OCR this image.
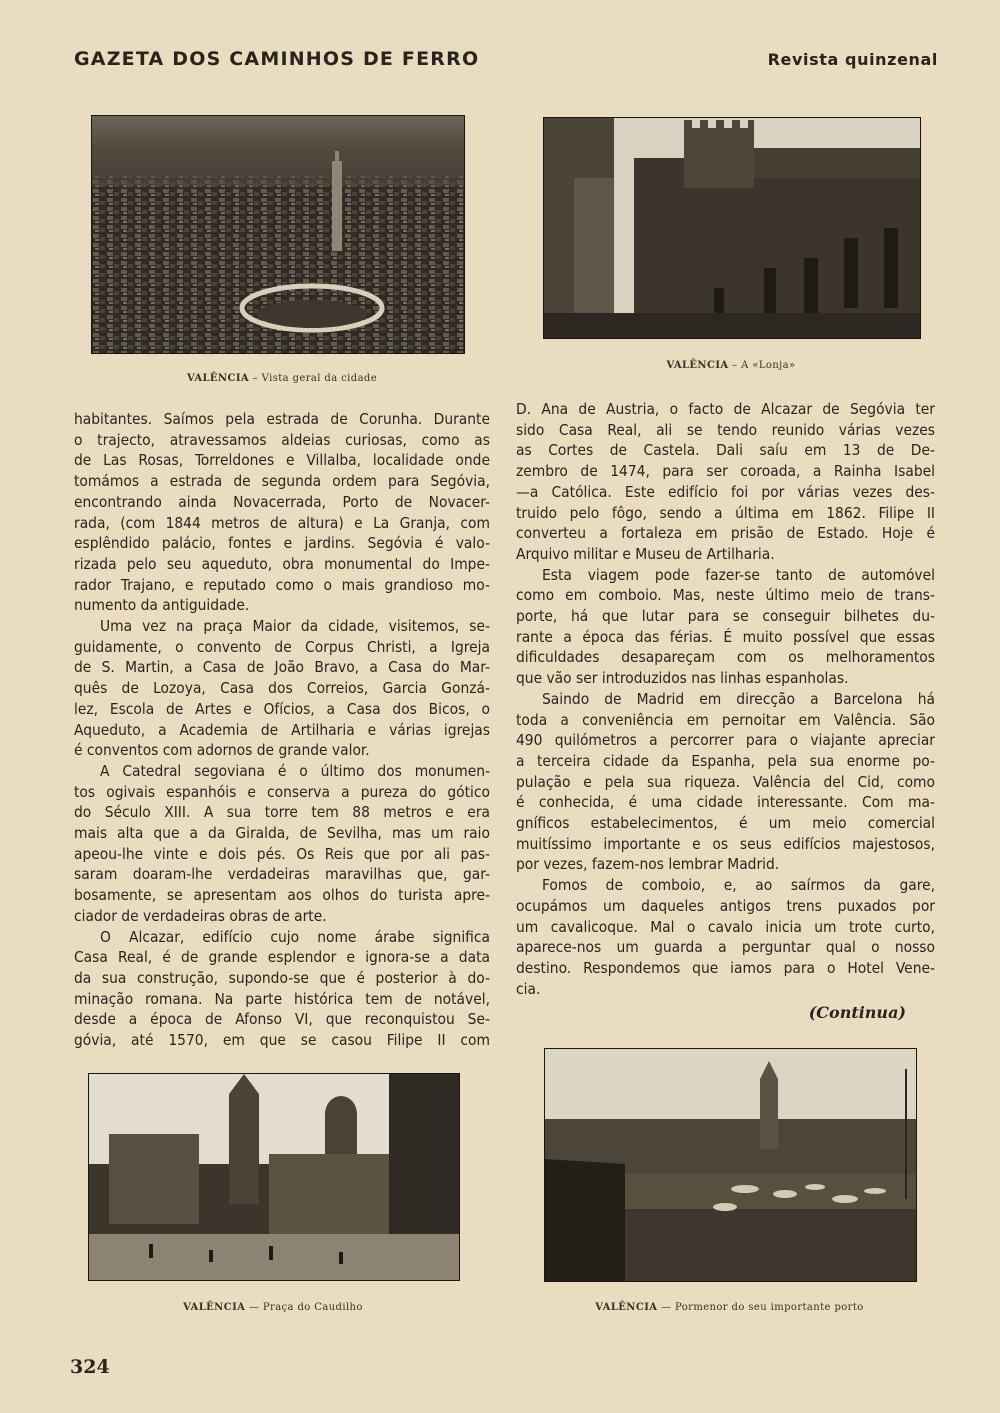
GAZETA DOS CAMINHOS DE FERRO	Revista quinzenal
VALÊNCIA – Vista geral da cidade
VALÊNCIA – A «Lonja»

habitantes. Saímos pela estrada de Corunha. Durante
o trajecto, atravessamos aldeias curiosas, como as
de Las Rosas, Torreldones e Villalba, localidade onde
tomámos a estrada de segunda ordem para Segóvia,
encontrando ainda Novacerrada, Porto de Novacer-
rada, (com 1844 metros de altura) e La Granja, com
esplêndido palácio, fontes e jardins. Segóvia é valo-
rizada pelo seu aqueduto, obra monumental do Impe-
rador Trajano, e reputado como o mais grandioso mo-
numento da antiguidade.

Uma vez na praça Maior da cidade, visitemos, se-
guidamente, o convento de Corpus Christi, a Igreja
de S. Martin, a Casa de João Bravo, a Casa do Mar-
quês de Lozoya, Casa dos Correios, Garcia Gonzá-
lez, Escola de Artes e Ofícios, a Casa dos Bicos, o
Aqueduto, a Academia de Artilharia e várias igrejas
é conventos com adornos de grande valor.

A Catedral segoviana é o último dos monumen-
tos ogivais espanhóis e conserva a pureza do gótico
do Século XIII. A sua torre tem 88 metros e era
mais alta que a da Giralda, de Sevilha, mas um raio
apeou-lhe vinte e dois pés. Os Reis que por ali pas-
saram doaram-lhe verdadeiras maravilhas que, gar-
bosamente, se apresentam aos olhos do turista apre-
ciador de verdadeiras obras de arte.

O Alcazar, edifício cujo nome árabe significa
Casa Real, é de grande esplendor e ignora-se a data
da sua construção, supondo-se que é posterior à do-
minação romana. Na parte histórica tem de notável,
desde a época de Afonso VI, que reconquistou Se-
góvia, até 1570, em que se casou Filipe II com

D. Ana de Austria, o facto de Alcazar de Segóvia ter
sido Casa Real, ali se tendo reunido várias vezes
as Cortes de Castela. Dali saíu em 13 de De-
zembro de 1474, para ser coroada, a Rainha Isabel
—a Católica. Este edifício foi por várias vezes des-
truido pelo fôgo, sendo a última em 1862. Filipe II
converteu a fortaleza em prisão de Estado. Hoje é
Arquivo militar e Museu de Artilharia.

Esta viagem pode fazer-se tanto de automóvel
como em comboio. Mas, neste último meio de trans-
porte, há que lutar para se conseguir bilhetes du-
rante a época das férias. É muito possível que essas
dificuldades desapareçam com os melhoramentos
que vão ser introduzidos nas linhas espanholas.

Saindo de Madrid em direcção a Barcelona há
toda a conveniência em pernoitar em Valência. São
490 quilómetros a percorrer para o viajante apreciar
a terceira cidade da Espanha, pela sua enorme po-
pulação e pela sua riqueza. Valência del Cid, como
é conhecida, é uma cidade interessante. Com ma-
gníficos estabelecimentos, é um meio comercial
muitíssimo importante e os seus edifícios majestosos,
por vezes, fazem-nos lembrar Madrid.

Fomos de comboio, e, ao saírmos da gare,
ocupámos um daqueles antigos trens puxados por
um cavalicoque. Mal o cavalo inicia um trote curto,
aparece-nos um guarda a perguntar qual o nosso
destino. Respondemos que iamos para o Hotel Vene-
cia.

(Continua)
VALÊNCIA — Praça do Caudilho	VALÊNCIA — Pormenor do seu importante porto
324
